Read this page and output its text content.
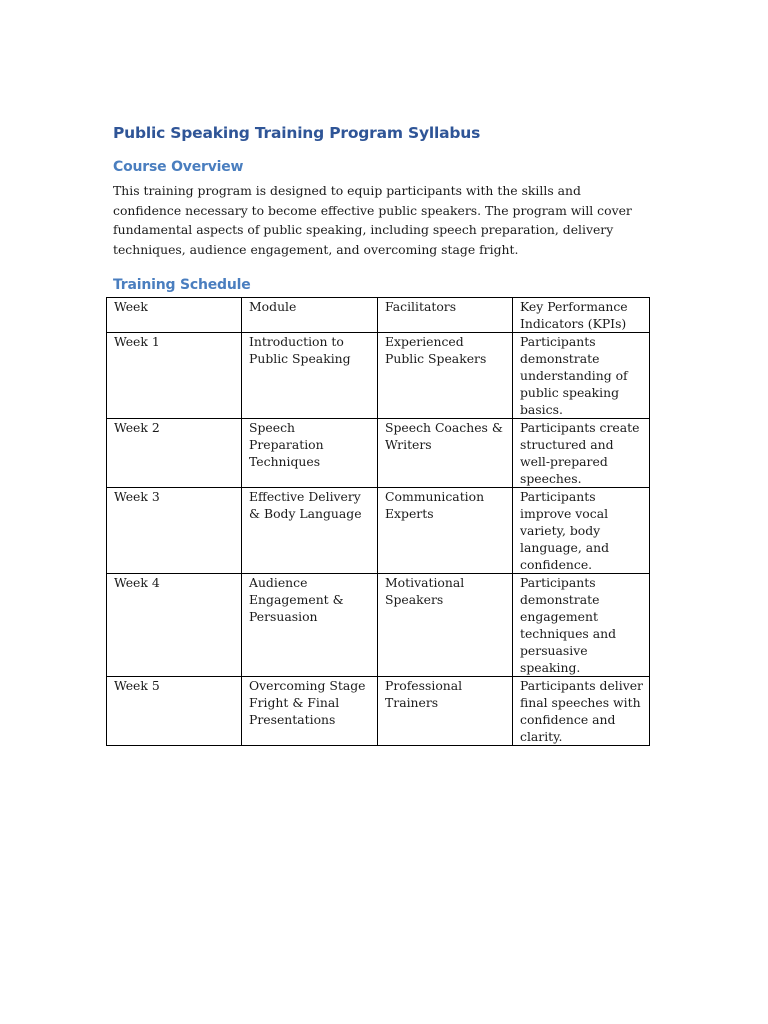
Public Speaking Training Program Syllabus
Course Overview

This training program is designed to equip participants with the skills and confidence necessary to become effective public speakers. The program will cover fundamental aspects of public speaking, including speech preparation, delivery techniques, audience engagement, and overcoming stage fright.

Training Schedule
Week	Module	Facilitators	Key Performance Indicators (KPIs)
Week 1	Introduction to Public Speaking	Experienced Public Speakers	Participants demonstrate understanding of public speaking basics.
Week 2	Speech Preparation Techniques	Speech Coaches & Writers	Participants create structured and well-prepared speeches.
Week 3	Effective Delivery & Body Language	Communication Experts	Participants improve vocal variety, body language, and confidence.
Week 4	Audience Engagement & Persuasion	Motivational Speakers	Participants demonstrate engagement techniques and persuasive speaking.
Week 5	Overcoming Stage Fright & Final Presentations	Professional Trainers	Participants deliver final speeches with confidence and clarity.
